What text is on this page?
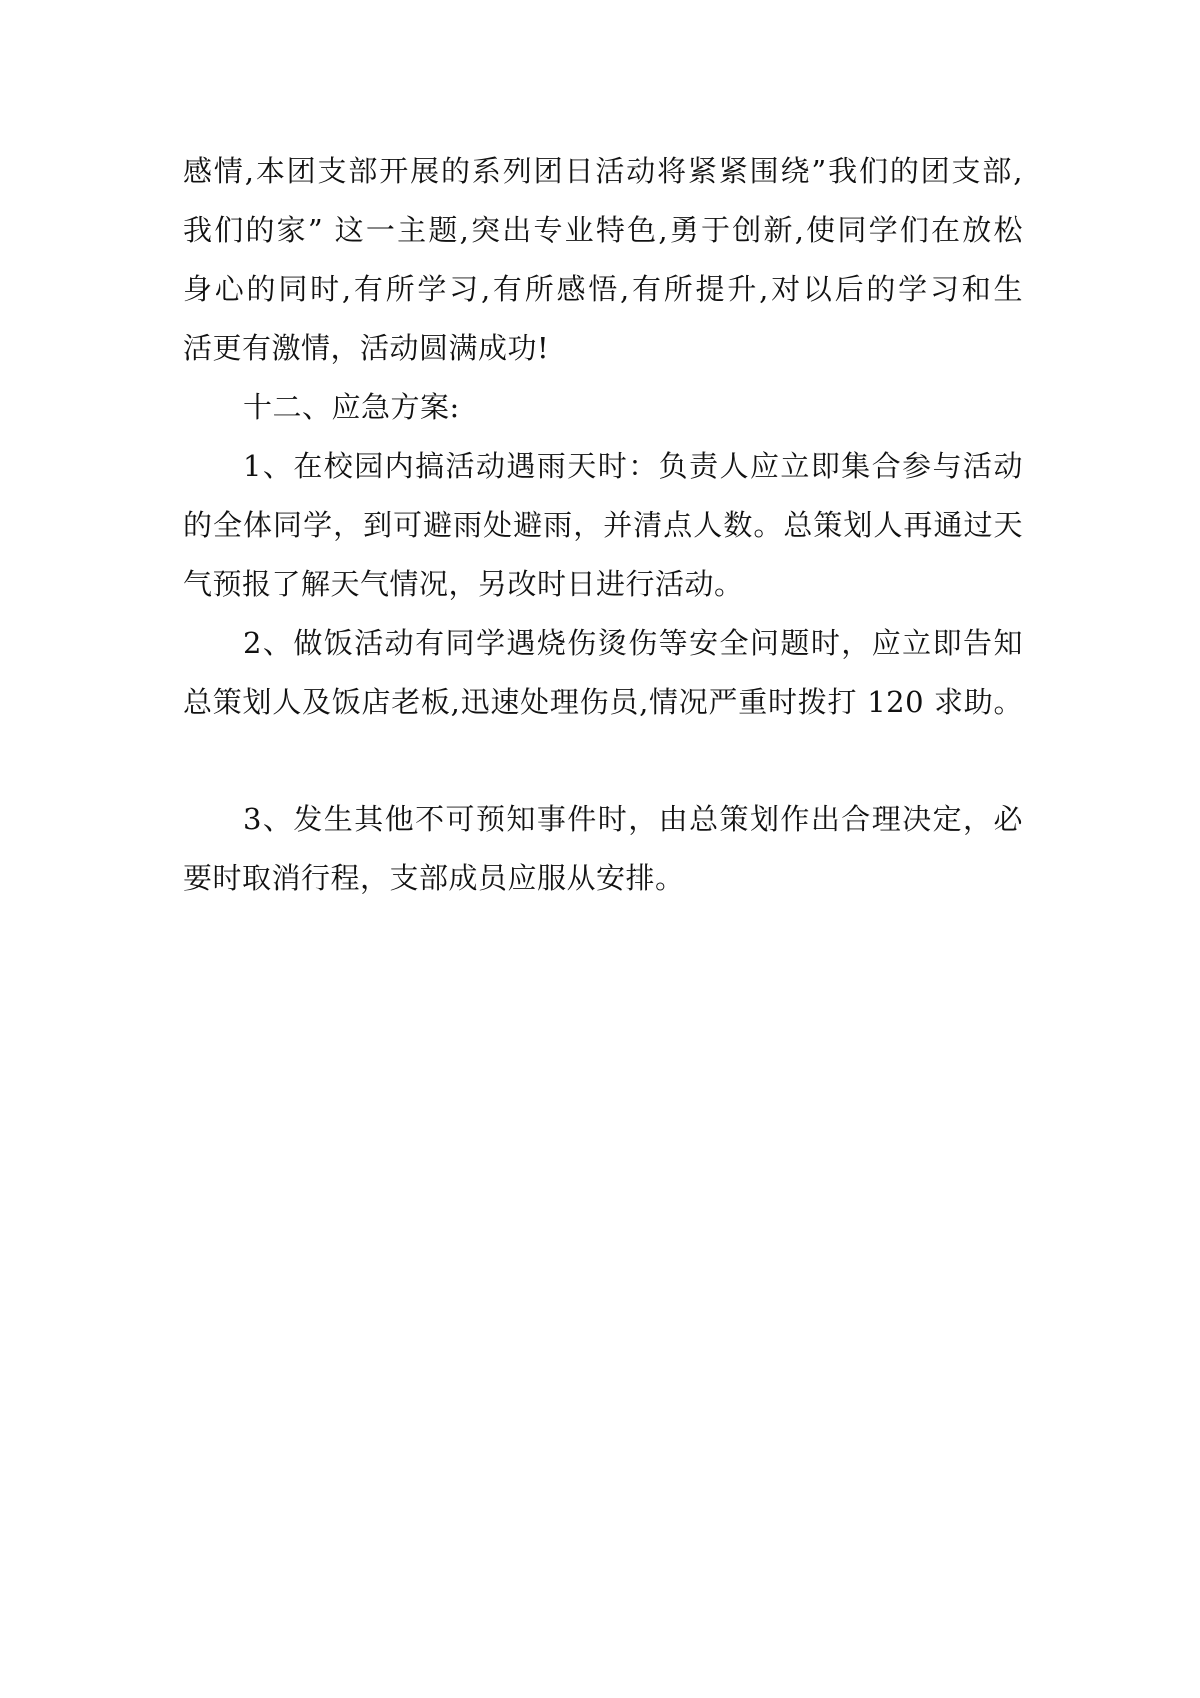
感情,本团支部开展的系列团日活动将紧紧围绕”我们的团支部,
我们的家” 这一主题,突出专业特色,勇于创新,使同学们在放松
身心的同时,有所学习,有所感悟,有所提升,对以后的学习和生
活更有激情，活动圆满成功!
十二、应急方案:
1、在校园内搞活动遇雨天时：负责人应立即集合参与活动
的全体同学，到可避雨处避雨，并清点人数。总策划人再通过天
气预报了解天气情况，另改时日进行活动。
2、做饭活动有同学遇烧伤烫伤等安全问题时，应立即告知
总策划人及饭店老板,迅速处理伤员,情况严重时拨打 120 求助。
3、发生其他不可预知事件时，由总策划作出合理决定，必
要时取消行程，支部成员应服从安排。
